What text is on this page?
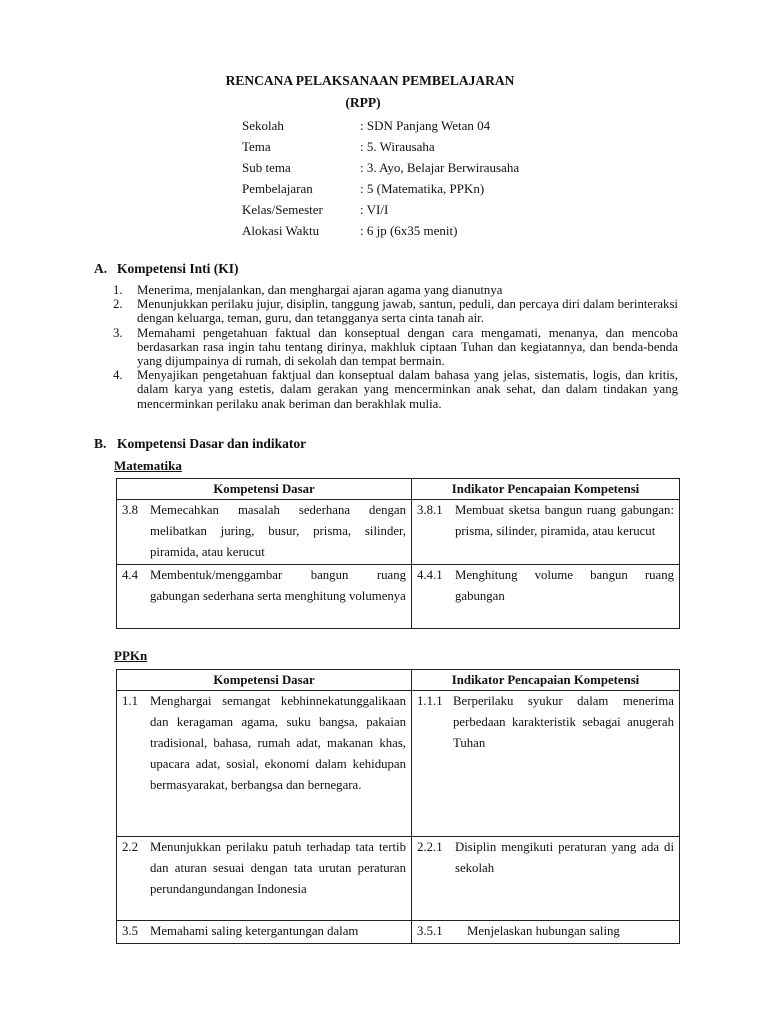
RENCANA PELAKSANAAN PEMBELAJARAN
(RPP)
Sekolah	: SDN Panjang Wetan 04
Tema	: 5. Wirausaha
Sub tema	: 3. Ayo, Belajar Berwirausaha
Pembelajaran	: 5 (Matematika, PPKn)
Kelas/Semester	: VI/I
Alokasi Waktu	: 6 jp (6x35 menit)
A. Kompetensi Inti (KI)
1.	Menerima, menjalankan, dan menghargai ajaran agama yang dianutnya
2.	Menunjukkan perilaku jujur, disiplin, tanggung jawab, santun, peduli, dan percaya diri dalam berinteraksi dengan keluarga, teman, guru, dan tetangganya serta cinta tanah air.
3.	Memahami pengetahuan faktual dan konseptual dengan cara mengamati, menanya, dan mencoba berdasarkan rasa ingin tahu tentang dirinya, makhluk ciptaan Tuhan dan kegiatannya, dan benda-benda yang dijumpainya di rumah, di sekolah dan tempat bermain.
4.	Menyajikan pengetahuan faktjual dan konseptual dalam bahasa yang jelas, sistematis, logis, dan kritis, dalam karya yang estetis, dalam gerakan yang mencerminkan anak sehat, dan dalam tindakan yang mencerminkan perilaku anak beriman dan berakhlak mulia.
B. Kompetensi Dasar dan indikator
Matematika
Kompetensi Dasar	Indikator Pencapaian Kompetensi

3.8 Memecahkan masalah sederhana dengan melibatkan juring, busur, prisma, silinder, piramida, atau kerucut	3.8.1 Membuat sketsa bangun ruang gabungan: prisma, silinder, piramida, atau kerucut

4.4 Membentuk/menggambar bangun ruang gabungan sederhana serta menghitung volumenya	4.4.1 Menghitung volume bangun ruang gabungan
PPKn
Kompetensi Dasar	Indikator Pencapaian Kompetensi

1.1 Menghargai semangat kebhinnekatunggalikaan dan keragaman agama, suku bangsa, pakaian tradisional, bahasa, rumah adat, makanan khas, upacara adat, sosial, ekonomi dalam kehidupan bermasyarakat, berbangsa dan bernegara.	1.1.1 Berperilaku syukur dalam menerima perbedaan karakteristik sebagai anugerah Tuhan

2.2 Menunjukkan perilaku patuh terhadap tata tertib dan aturan sesuai dengan tata urutan peraturan perundangundangan Indonesia	2.2.1 Disiplin mengikuti peraturan yang ada di sekolah

3.5 Memahami saling ketergantungan dalam	3.5.1 Menjelaskan hubungan saling
